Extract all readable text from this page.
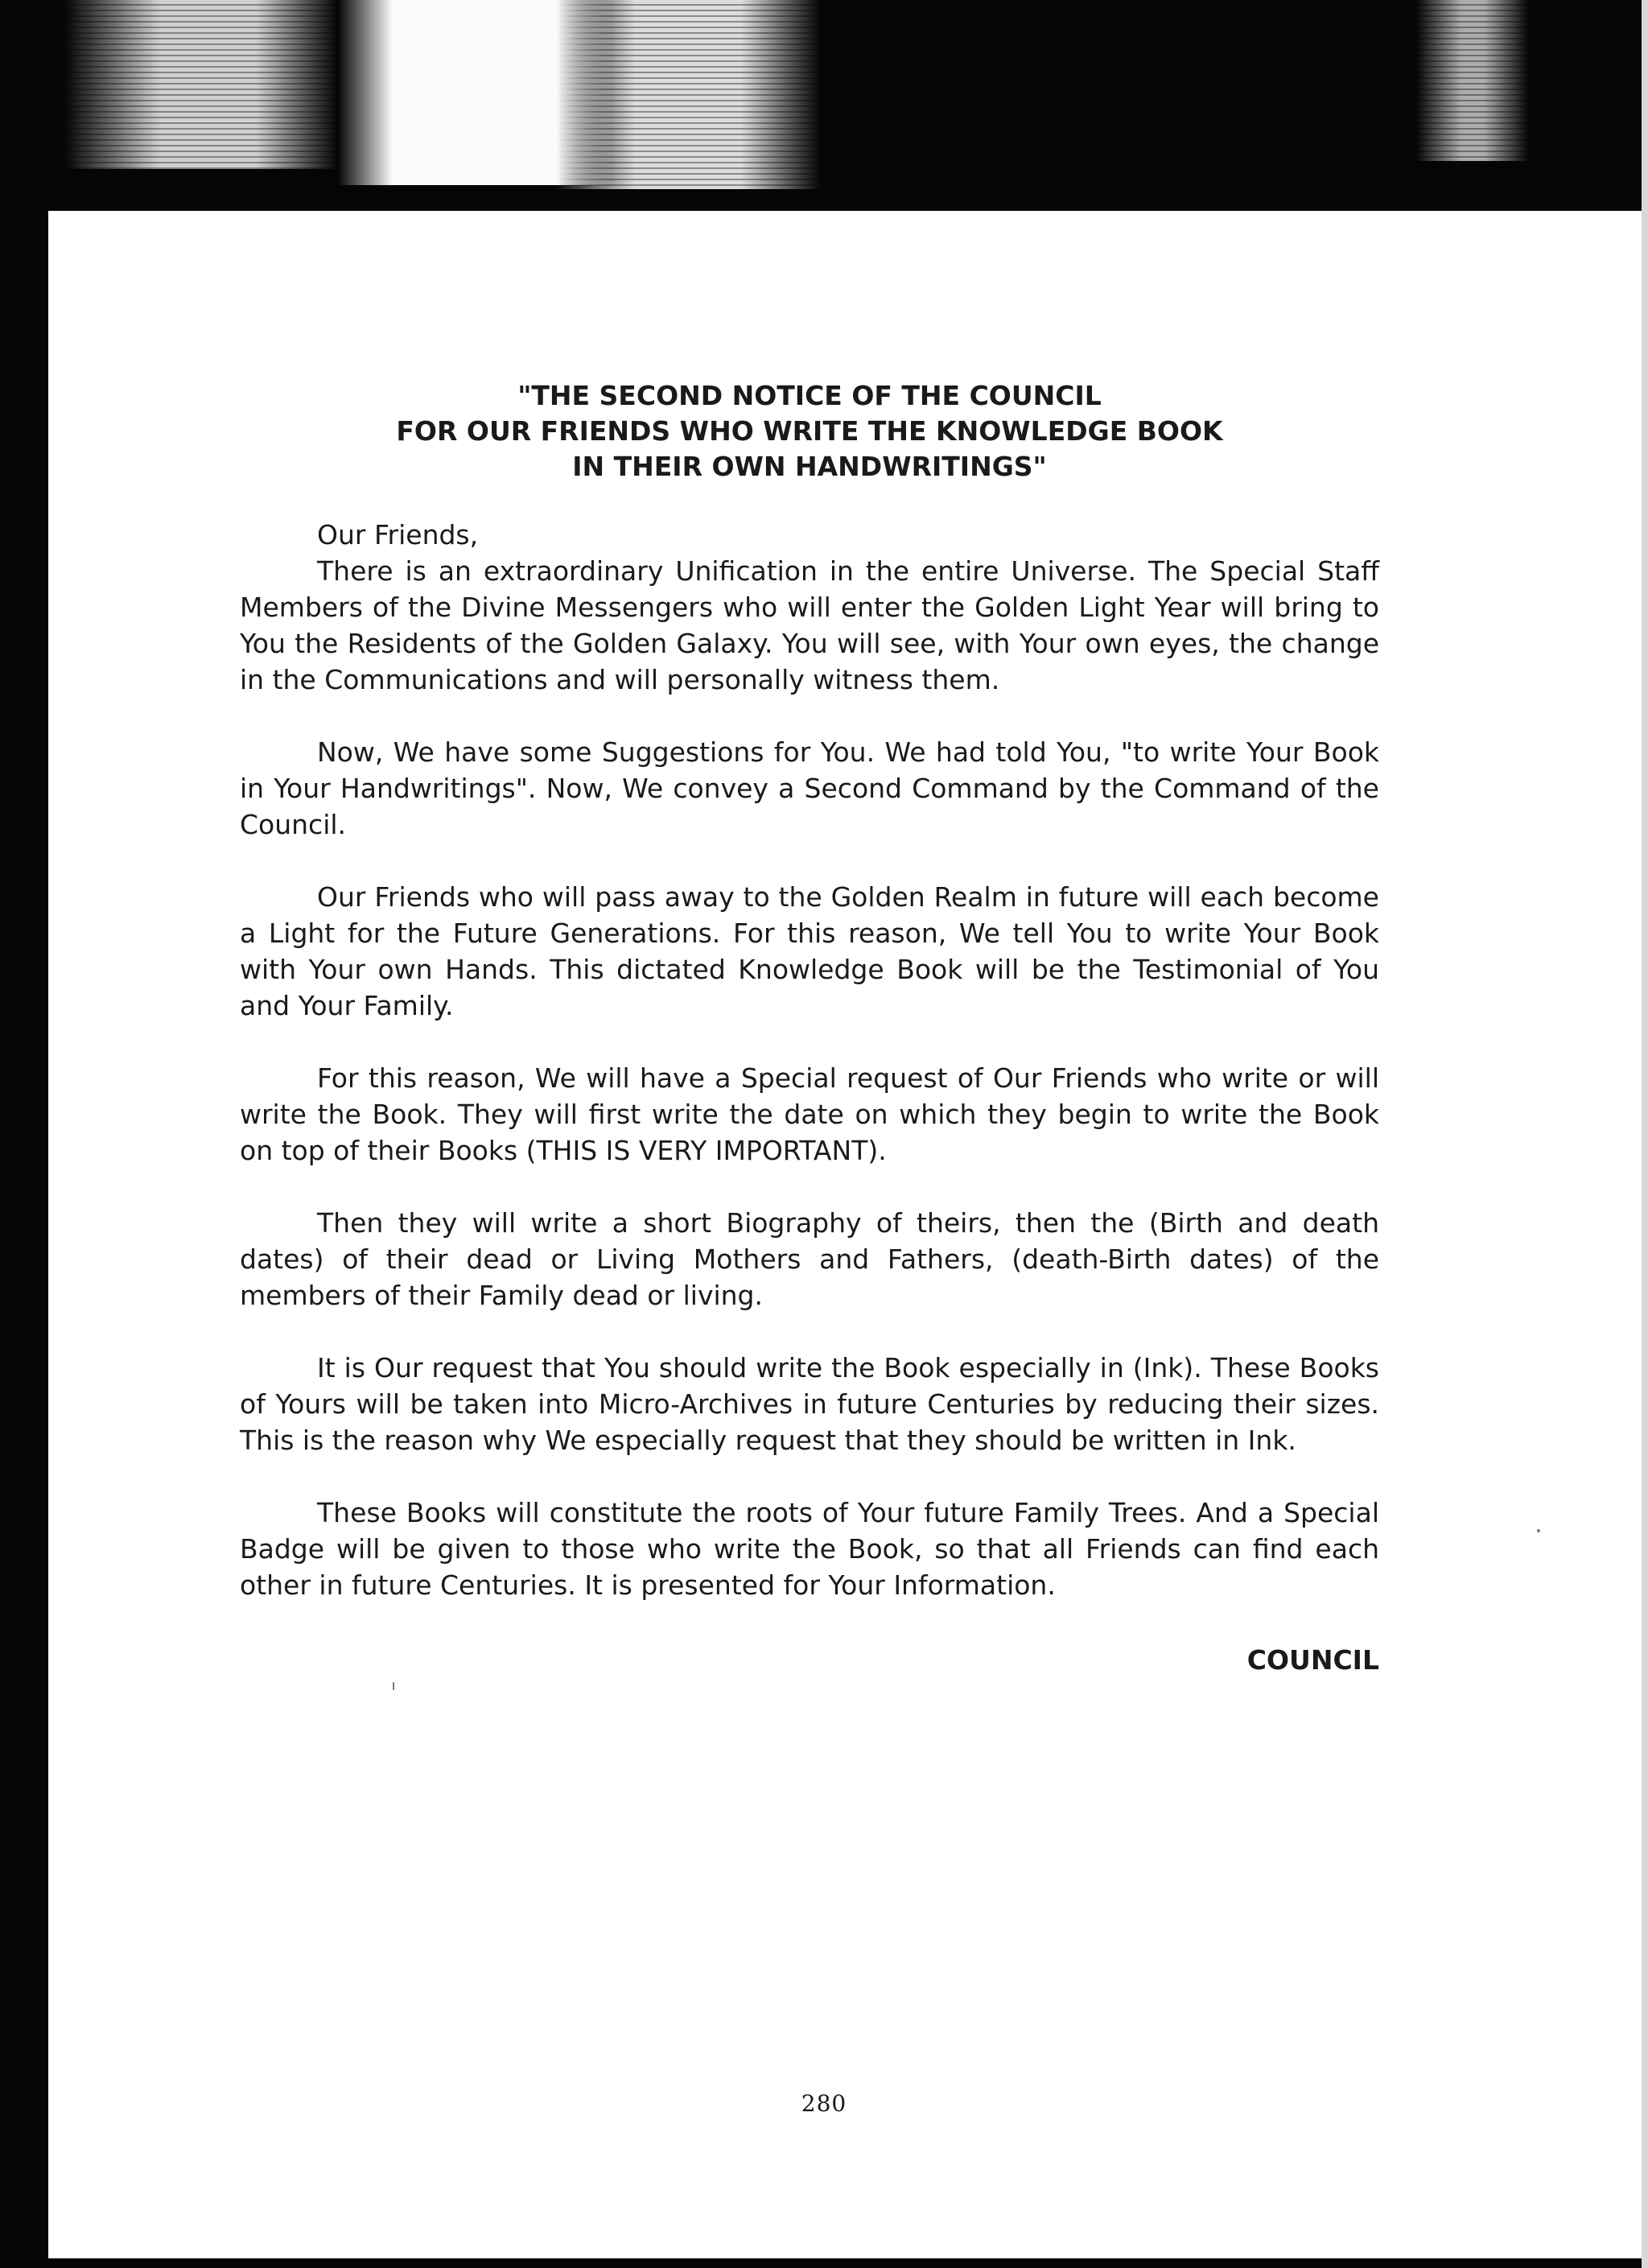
"THE SECOND NOTICE OF THE COUNCIL
FOR OUR FRIENDS WHO WRITE THE KNOWLEDGE BOOK
IN THEIR OWN HANDWRITINGS"

Our Friends,

There is an extraordinary Unification in the entire Universe. The Special Staff Members of the Divine Messengers who will enter the Golden Light Year will bring to You the Residents of the Golden Galaxy. You will see, with Your own eyes, the change in the Communications and will personally witness them.

Now, We have some Suggestions for You. We had told You, "to write Your Book in Your Handwritings". Now, We convey a Second Command by the Command of the Council.

Our Friends who will pass away to the Golden Realm in future will each become a Light for the Future Generations. For this reason, We tell You to write Your Book with Your own Hands. This dictated Knowledge Book will be the Testimonial of You and Your Family.

For this reason, We will have a Special request of Our Friends who write or will write the Book. They will first write the date on which they begin to write the Book on top of their Books (THIS IS VERY IMPORTANT).

Then they will write a short Biography of theirs, then the (Birth and death dates) of their dead or Living Mothers and Fathers, (death-Birth dates) of the members of their Family dead or living.

It is Our request that You should write the Book especially in (Ink). These Books of Yours will be taken into Micro-Archives in future Centuries by reducing their sizes. This is the reason why We especially request that they should be written in Ink.

These Books will constitute the roots of Your future Family Trees. And a Special Badge will be given to those who write the Book, so that all Friends can find each other in future Centuries. It is presented for Your Information.

COUNCIL
280
